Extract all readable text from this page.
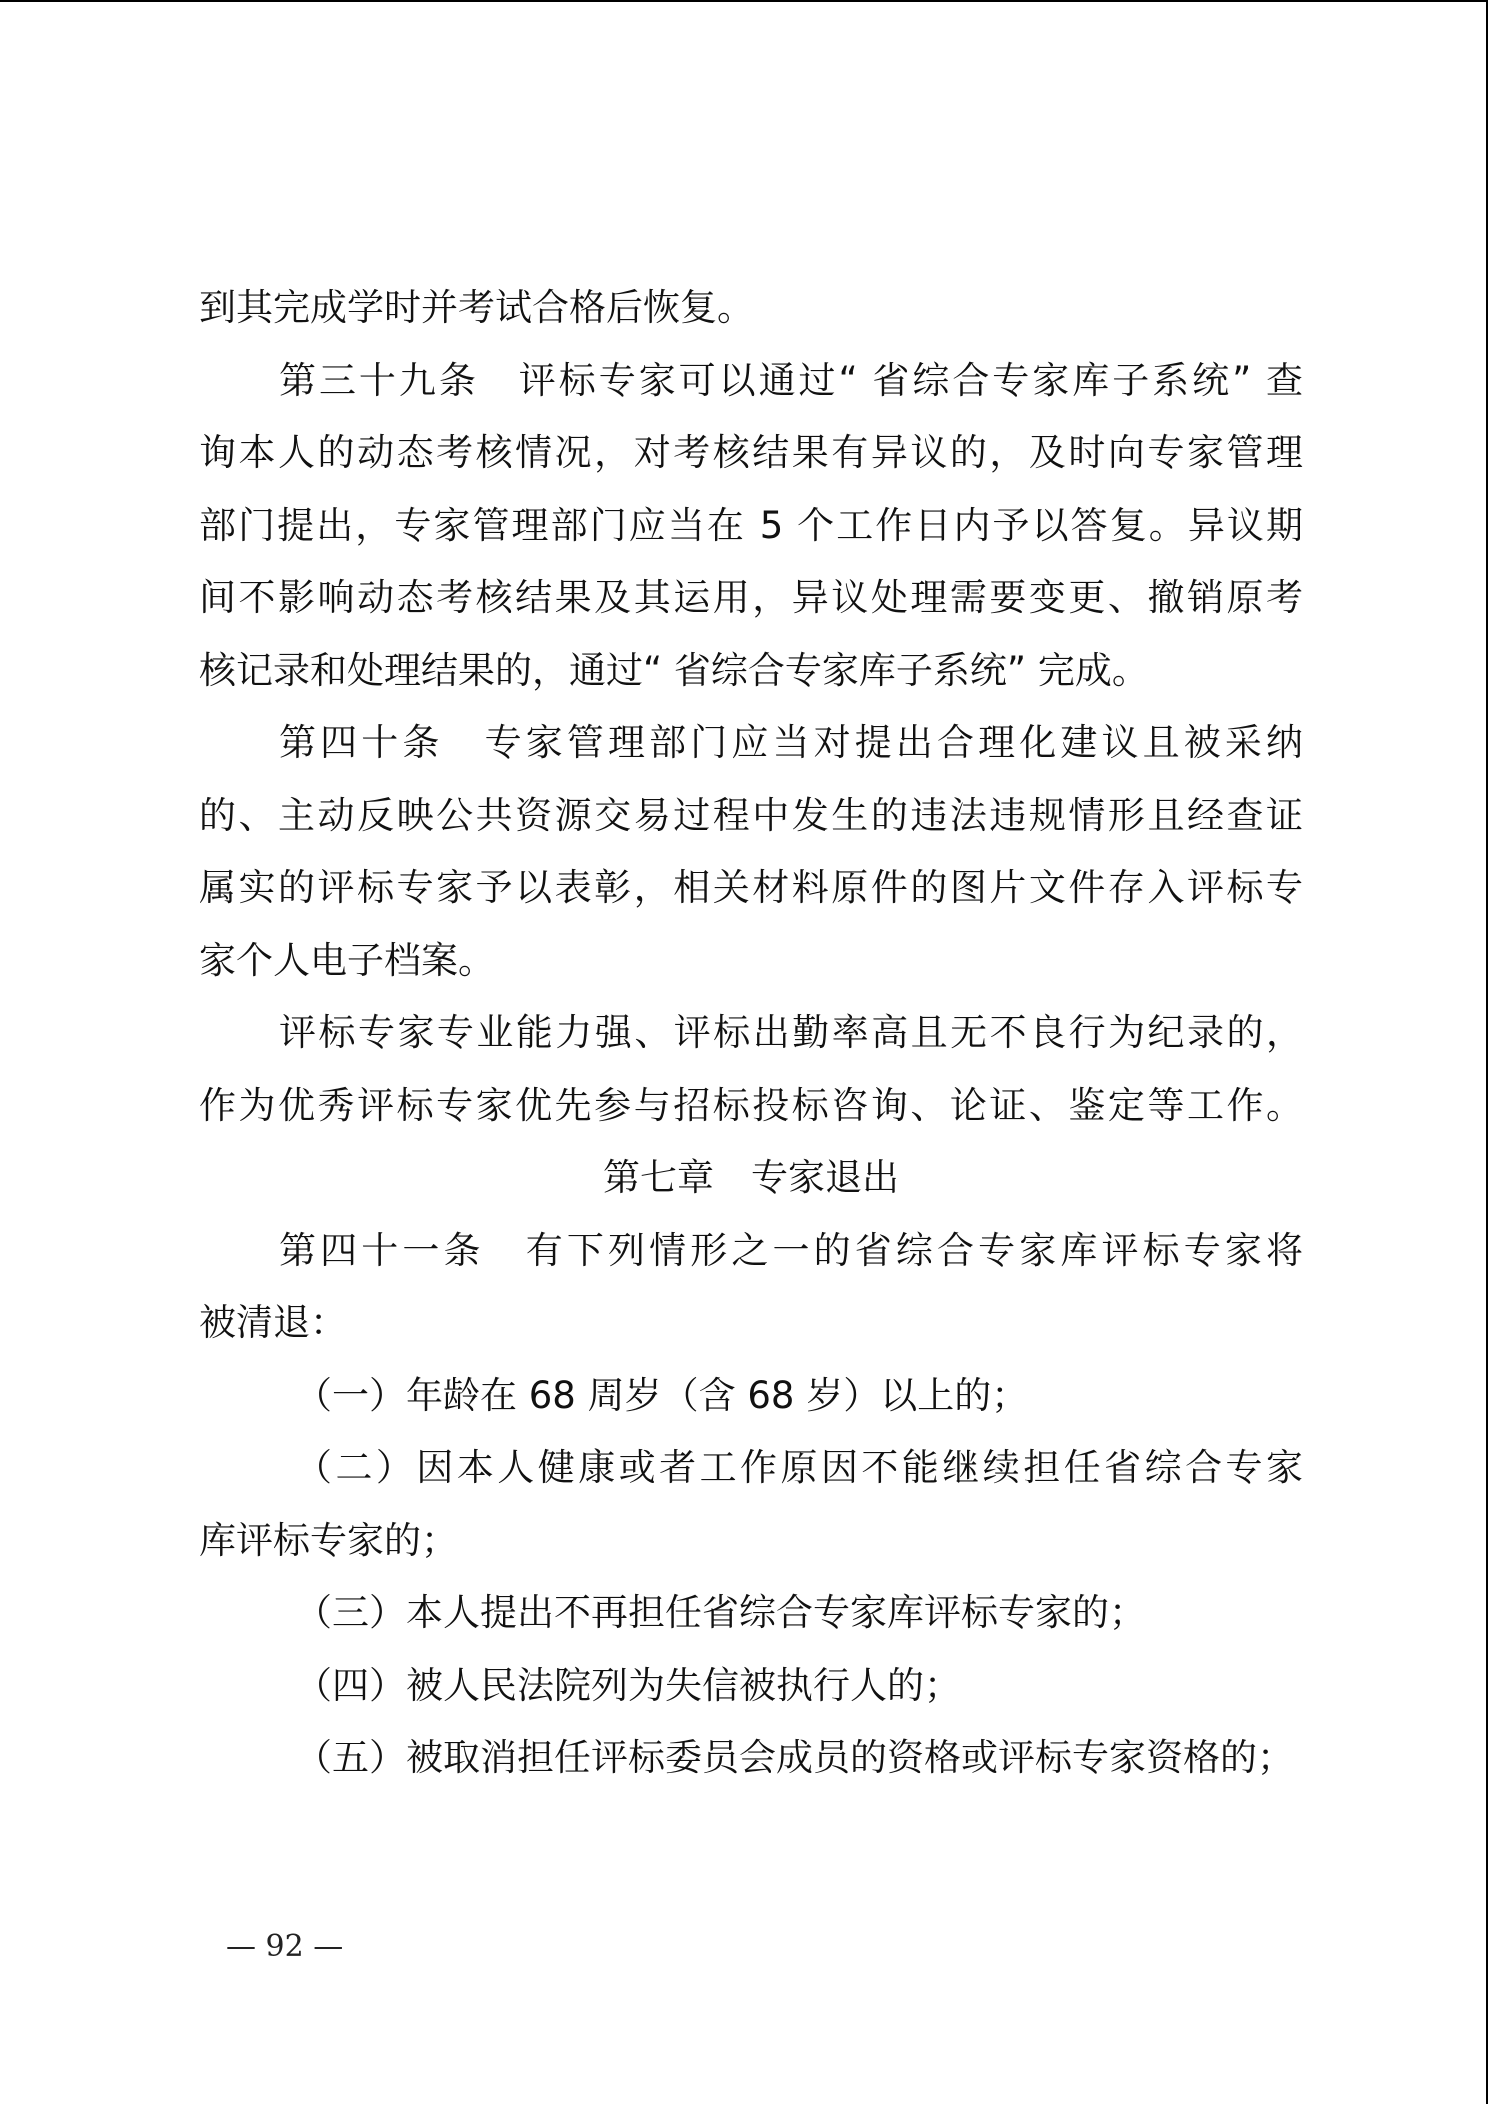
到其完成学时并考试合格后恢复。
第三十九条　评标专家可以通过“ 省综合专家库子系统” 查
询本人的动态考核情况，对考核结果有异议的，及时向专家管理
部门提出，专家管理部门应当在 5 个工作日内予以答复。异议期
间不影响动态考核结果及其运用，异议处理需要变更、撤销原考
核记录和处理结果的，通过“ 省综合专家库子系统” 完成。
第四十条　专家管理部门应当对提出合理化建议且被采纳
的、主动反映公共资源交易过程中发生的违法违规情形且经查证
属实的评标专家予以表彰，相关材料原件的图片文件存入评标专
家个人电子档案。
评标专家专业能力强、评标出勤率高且无不良行为纪录的，
作为优秀评标专家优先参与招标投标咨询、论证、鉴定等工作。
第七章　专家退出
第四十一条　有下列情形之一的省综合专家库评标专家将
被清退：
（一）年龄在 68 周岁（含 68 岁）以上的；
（二）因本人健康或者工作原因不能继续担任省综合专家
库评标专家的；
（三）本人提出不再担任省综合专家库评标专家的；
（四）被人民法院列为失信被执行人的；
（五）被取消担任评标委员会成员的资格或评标专家资格的；
— 92 —
